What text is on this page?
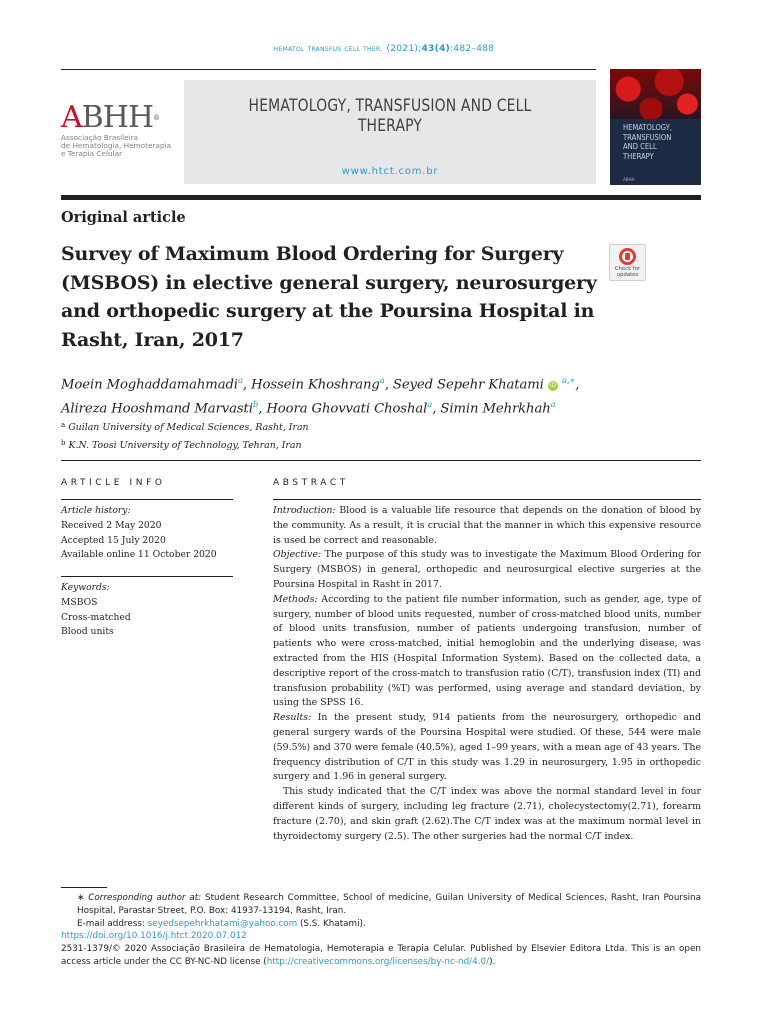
hematol transfus cell ther. (2021);43(4):482–488
ABHH®
Associação Brasileira
de Hematologia, Hemoterapia
e Terapia Celular
HEMATOLOGY, TRANSFUSION AND CELL THERAPY
www.htct.com.br
HEMATOLOGY, TRANSFUSION AND CELL THERAPY
ABHH
Original article
Survey of Maximum Blood Ordering for Surgery (MSBOS) in elective general surgery, neurosurgery and orthopedic surgery at the Poursina Hospital in Rasht, Iran, 2017
Check for
updates
Moein Moghaddamahmadi$^a$, Hossein Khoshrang$^a$, Seyed Sepehr Khatami iD $^{a,∗}$,
Alireza Hooshmand Marvasti$^b$, Hoora Ghovvati Choshal$^a$, Simin Mehrkhah$^a$
$^a$ Guilan University of Medical Sciences, Rasht, Iran
$^b$ K.N. Toosi University of Technology, Tehran, Iran
ARTICLE INFO	ABSTRACT
Article history:
Received 2 May 2020
Accepted 15 July 2020
Available online 11 October 2020
Keywords:
MSBOS
Cross-matched
Blood units

Introduction: Blood is a valuable life resource that depends on the donation of blood by the community. As a result, it is crucial that the manner in which this expensive resource is used be correct and reasonable.

Objective: The purpose of this study was to investigate the Maximum Blood Ordering for Surgery (MSBOS) in general, orthopedic and neurosurgical elective surgeries at the Poursina Hospital in Rasht in 2017.

Methods: According to the patient file number information, such as gender, age, type of surgery, number of blood units requested, number of cross-matched blood units, number of blood units transfusion, number of patients undergoing transfusion, number of patients who were cross-matched, initial hemoglobin and the underlying disease, was extracted from the HIS (Hospital Information System). Based on the collected data, a descriptive report of the cross-match to transfusion ratio (C/T), transfusion index (TI) and transfusion probability (%T) was performed, using average and standard deviation, by using the SPSS 16.

Results: In the present study, 914 patients from the neurosurgery, orthopedic and general surgery wards of the Poursina Hospital were studied. Of these, 544 were male (59.5%) and 370 were female (40.5%), aged 1–99 years, with a mean age of 43 years. The frequency distribution of C/T in this study was 1.29 in neurosurgery, 1.95 in orthopedic surgery and 1.96 in general surgery.

This study indicated that the C/T index was above the normal standard level in four different kinds of surgery, including leg fracture (2.71), cholecystectomy(2.71), forearm fracture (2.70), and skin graft (2.62).The C/T index was at the maximum normal level in thyroidectomy surgery (2.5). The other surgeries had the normal C/T index.

∗ Corresponding author at: Student Research Committee, School of medicine, Guilan University of Medical Sciences, Rasht, Iran Poursina Hospital, Parastar Street, P.O. Box: 41937-13194, Rasht, Iran.
E-mail address: seyedsepehrkhatami@yahoo.com (S.S. Khatami).
https://doi.org/10.1016/j.htct.2020.07.012
2531-1379/© 2020 Associação Brasileira de Hematologia, Hemoterapia e Terapia Celular. Published by Elsevier Editora Ltda. This is an open access article under the CC BY-NC-ND license (http://creativecommons.org/licenses/by-nc-nd/4.0/).
